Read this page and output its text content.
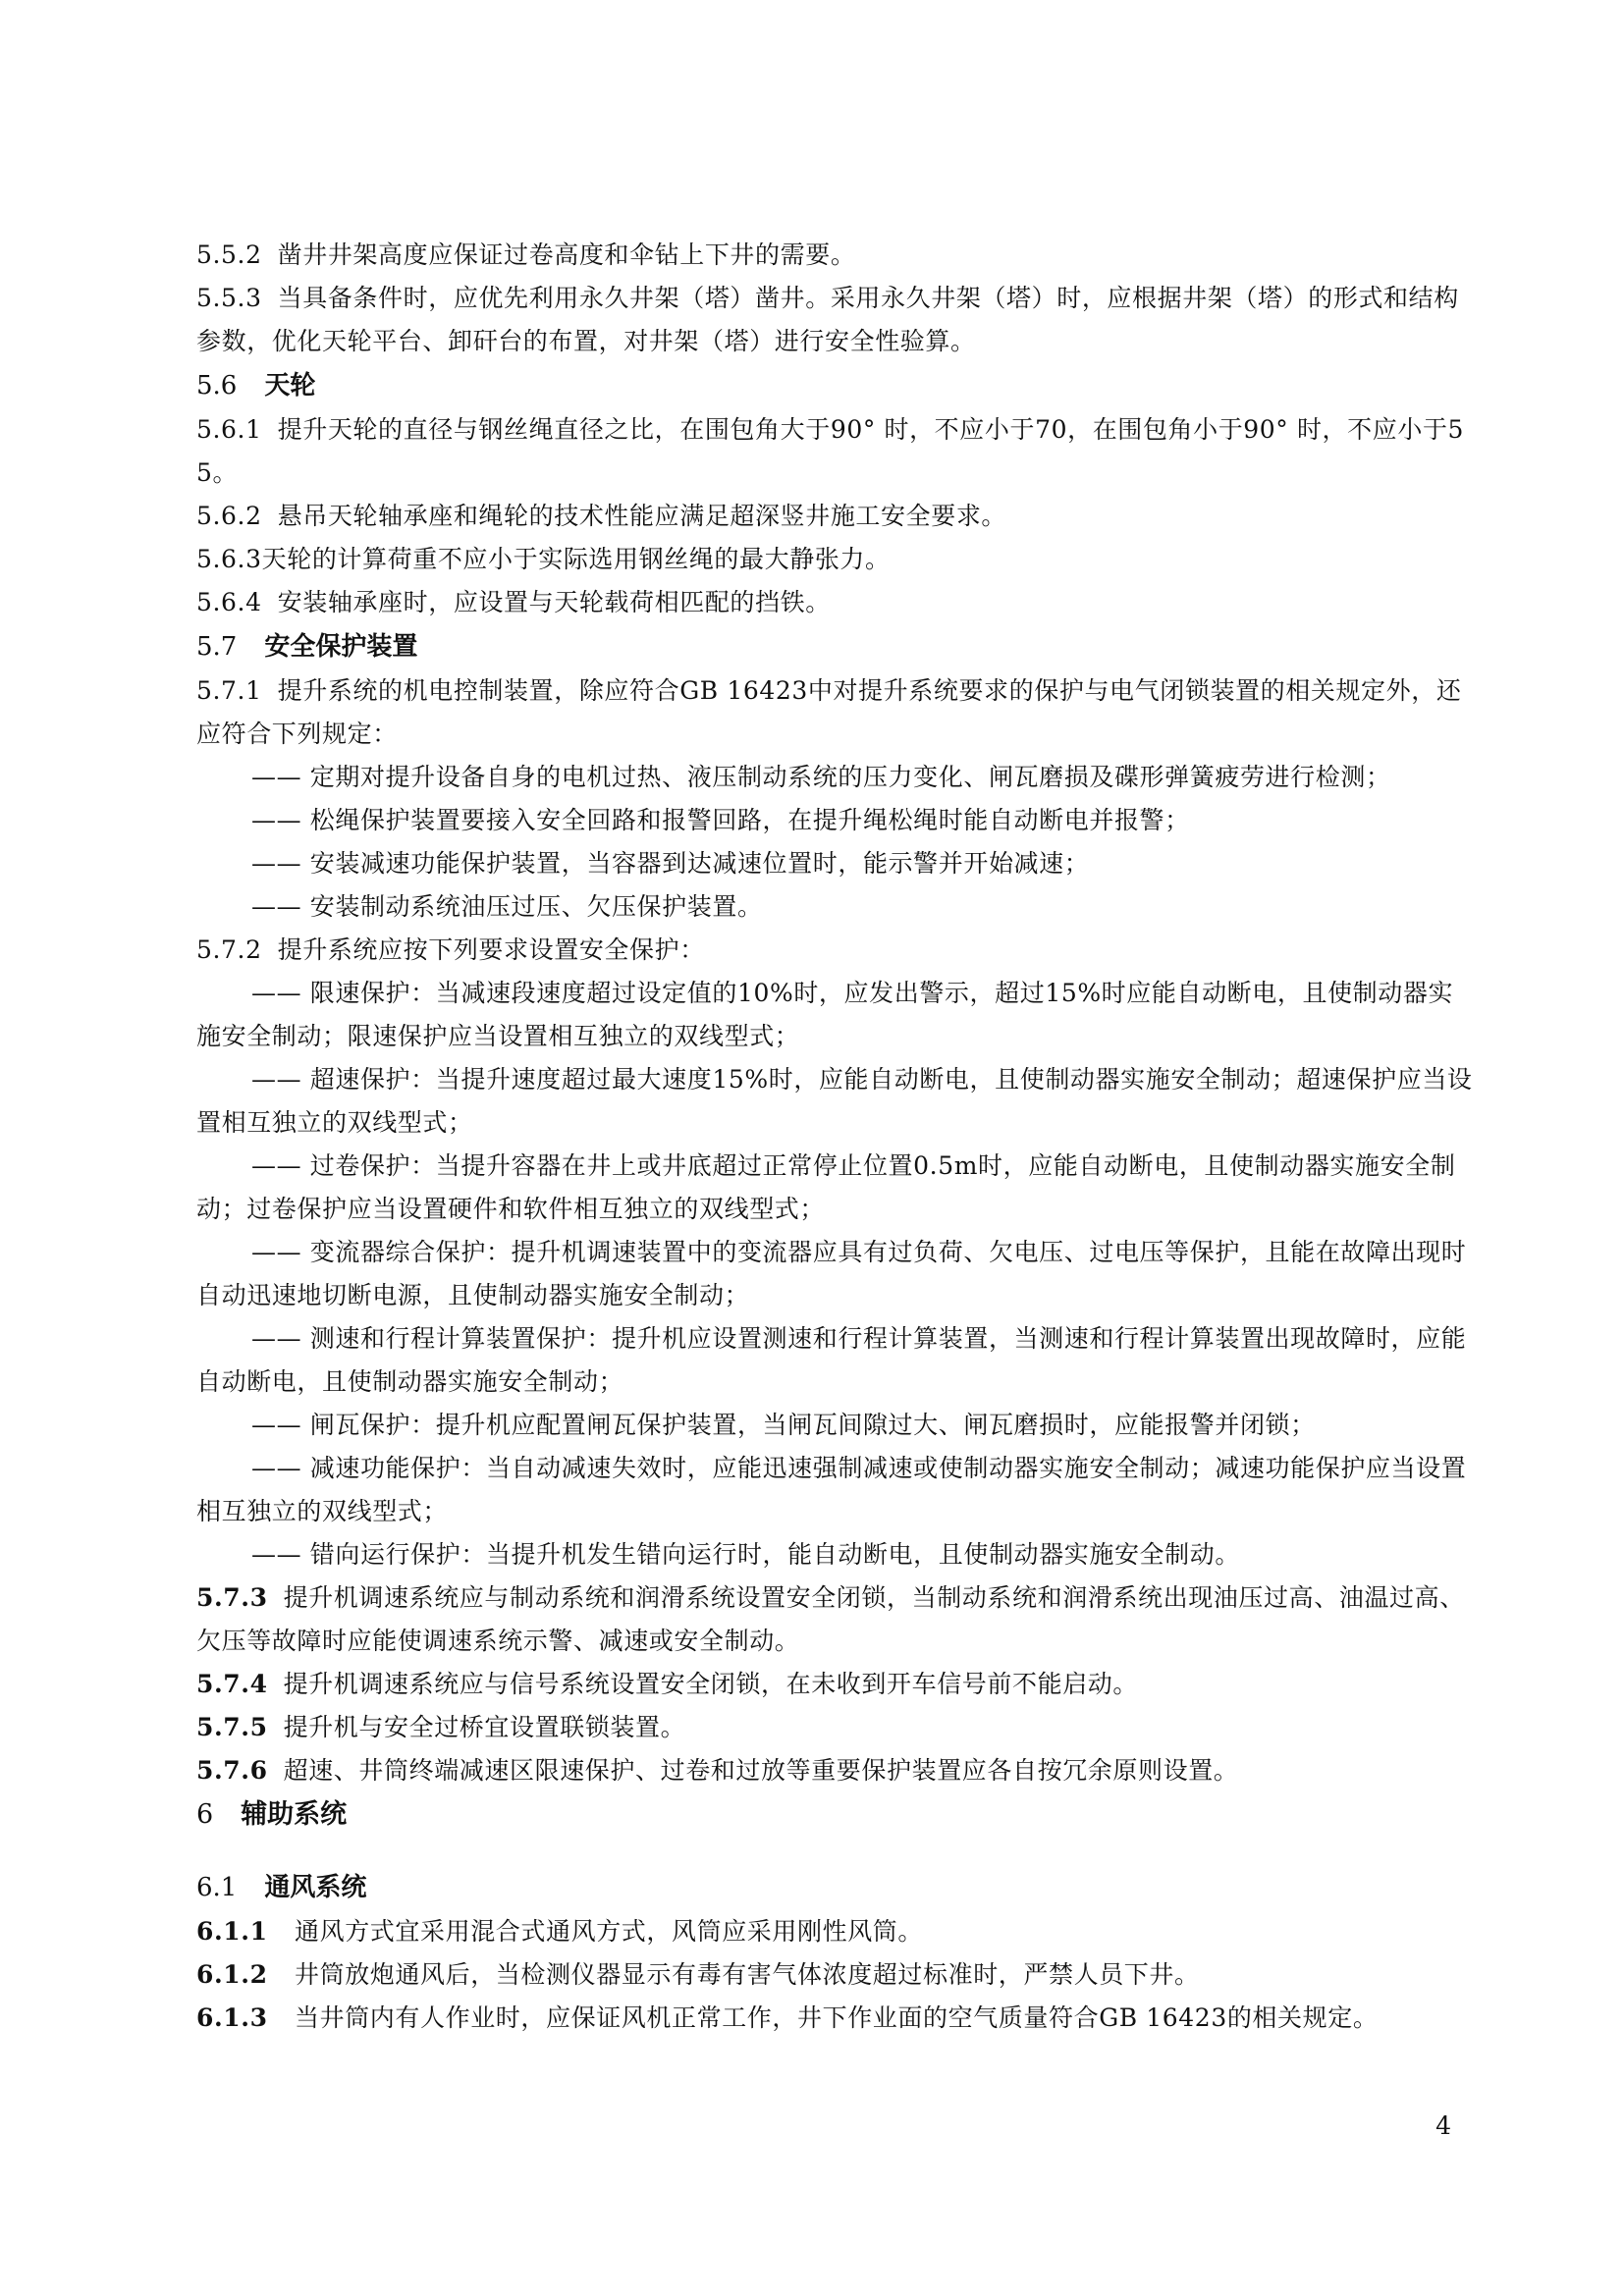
5.5.2 凿井井架高度应保证过卷高度和伞钻上下井的需要。

5.5.3 当具备条件时，应优先利用永久井架（塔）凿井。采用永久井架（塔）时，应根据井架（塔）的形式和结构参数，优化天轮平台、卸矸台的布置，对井架（塔）进行安全性验算。

5.6 天轮

5.6.1 提升天轮的直径与钢丝绳直径之比，在围包角大于90° 时，不应小于70，在围包角小于90° 时，不应小于55。

5.6.2 悬吊天轮轴承座和绳轮的技术性能应满足超深竖井施工安全要求。

5.6.3天轮的计算荷重不应小于实际选用钢丝绳的最大静张力。

5.6.4 安装轴承座时，应设置与天轮载荷相匹配的挡铁。

5.7 安全保护装置

5.7.1 提升系统的机电控制装置，除应符合GB 16423中对提升系统要求的保护与电气闭锁装置的相关规定外，还应符合下列规定：

—— 定期对提升设备自身的电机过热、液压制动系统的压力变化、闸瓦磨损及碟形弹簧疲劳进行检测；

—— 松绳保护装置要接入安全回路和报警回路，在提升绳松绳时能自动断电并报警；

—— 安装减速功能保护装置，当容器到达减速位置时，能示警并开始减速；

—— 安装制动系统油压过压、欠压保护装置。

5.7.2 提升系统应按下列要求设置安全保护：

—— 限速保护：当减速段速度超过设定值的10%时，应发出警示，超过15%时应能自动断电，且使制动器实施安全制动；限速保护应当设置相互独立的双线型式；

—— 超速保护：当提升速度超过最大速度15%时，应能自动断电，且使制动器实施安全制动；超速保护应当设置相互独立的双线型式；

—— 过卷保护：当提升容器在井上或井底超过正常停止位置0.5m时，应能自动断电，且使制动器实施安全制动；过卷保护应当设置硬件和软件相互独立的双线型式；

—— 变流器综合保护：提升机调速装置中的变流器应具有过负荷、欠电压、过电压等保护，且能在故障出现时自动迅速地切断电源，且使制动器实施安全制动；

—— 测速和行程计算装置保护：提升机应设置测速和行程计算装置，当测速和行程计算装置出现故障时，应能自动断电，且使制动器实施安全制动；

—— 闸瓦保护：提升机应配置闸瓦保护装置，当闸瓦间隙过大、闸瓦磨损时，应能报警并闭锁；

—— 减速功能保护：当自动减速失效时，应能迅速强制减速或使制动器实施安全制动；减速功能保护应当设置相互独立的双线型式；

—— 错向运行保护：当提升机发生错向运行时，能自动断电，且使制动器实施安全制动。

5.7.3 提升机调速系统应与制动系统和润滑系统设置安全闭锁，当制动系统和润滑系统出现油压过高、油温过高、欠压等故障时应能使调速系统示警、减速或安全制动。

5.7.4 提升机调速系统应与信号系统设置安全闭锁，在未收到开车信号前不能启动。

5.7.5 提升机与安全过桥宜设置联锁装置。

5.7.6 超速、井筒终端减速区限速保护、过卷和过放等重要保护装置应各自按冗余原则设置。

6 辅助系统

6.1 通风系统

6.1.1 通风方式宜采用混合式通风方式，风筒应采用刚性风筒。

6.1.2 井筒放炮通风后，当检测仪器显示有毒有害气体浓度超过标准时，严禁人员下井。

6.1.3 当井筒内有人作业时，应保证风机正常工作，井下作业面的空气质量符合GB 16423的相关规定。

4
